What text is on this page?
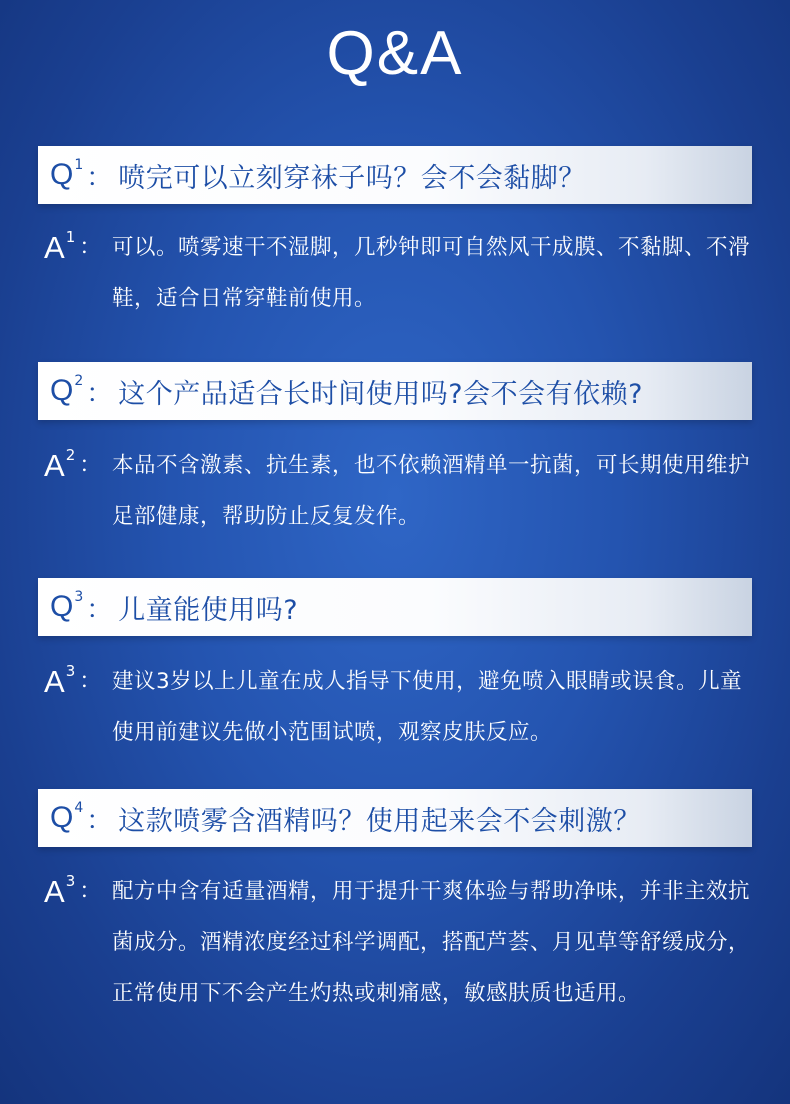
Q&A
Q 1 ： 喷完可以立刻穿袜子吗？会不会黏脚？
A 1 ： 可以。喷雾速干不湿脚，几秒钟即可自然风干成膜、不黏脚、不滑鞋，适合日常穿鞋前使用。
Q 2 ： 这个产品适合长时间使用吗?会不会有依赖?
A 2 ： 本品不含激素、抗生素，也不依赖酒精单一抗菌，可长期使用维护足部健康，帮助防止反复发作。
Q 3 ： 儿童能使用吗?
A 3 ： 建议3岁以上儿童在成人指导下使用，避免喷入眼睛或误食。儿童使用前建议先做小范围试喷，观察皮肤反应。
Q 4 ： 这款喷雾含酒精吗？使用起来会不会刺激？
A 3 ： 配方中含有适量酒精，用于提升干爽体验与帮助净味，并非主效抗菌成分。酒精浓度经过科学调配，搭配芦荟、月见草等舒缓成分，正常使用下不会产生灼热或刺痛感，敏感肤质也适用。
